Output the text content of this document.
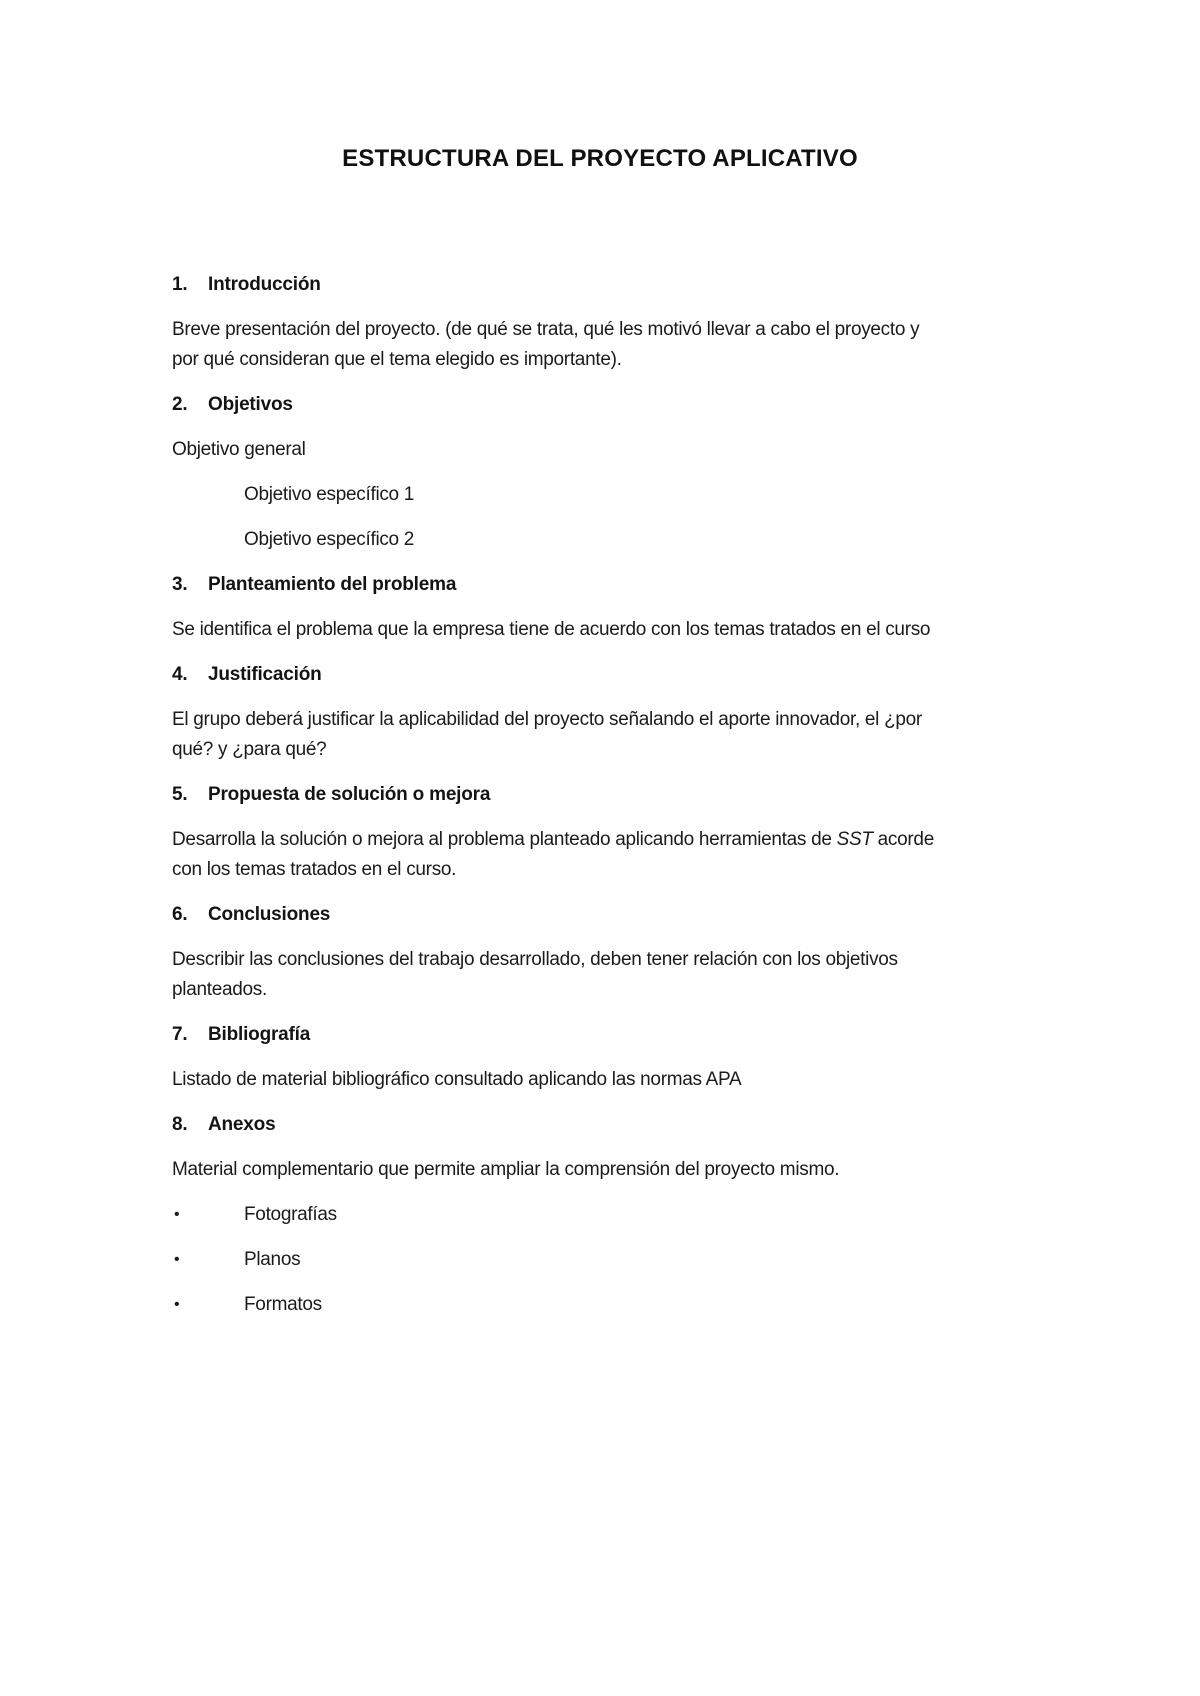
ESTRUCTURA DEL PROYECTO APLICATIVO
1. Introducción
Breve presentación del proyecto. (de qué se trata, qué les motivó llevar a cabo el proyecto y
por qué consideran que el tema elegido es importante).
2. Objetivos
Objetivo general
Objetivo específico 1
Objetivo específico 2
3. Planteamiento del problema
Se identifica el problema que la empresa tiene de acuerdo con los temas tratados en el curso
4. Justificación
El grupo deberá justificar la aplicabilidad del proyecto señalando el aporte innovador, el ¿por
qué? y ¿para qué?
5. Propuesta de solución o mejora
Desarrolla la solución o mejora al problema planteado aplicando herramientas de SST acorde
con los temas tratados en el curso.
6. Conclusiones
Describir las conclusiones del trabajo desarrollado, deben tener relación con los objetivos
planteados.
7. Bibliografía
Listado de material bibliográfico consultado aplicando las normas APA
8. Anexos
Material complementario que permite ampliar la comprensión del proyecto mismo.
•	Fotografías
•	Planos
•	Formatos
